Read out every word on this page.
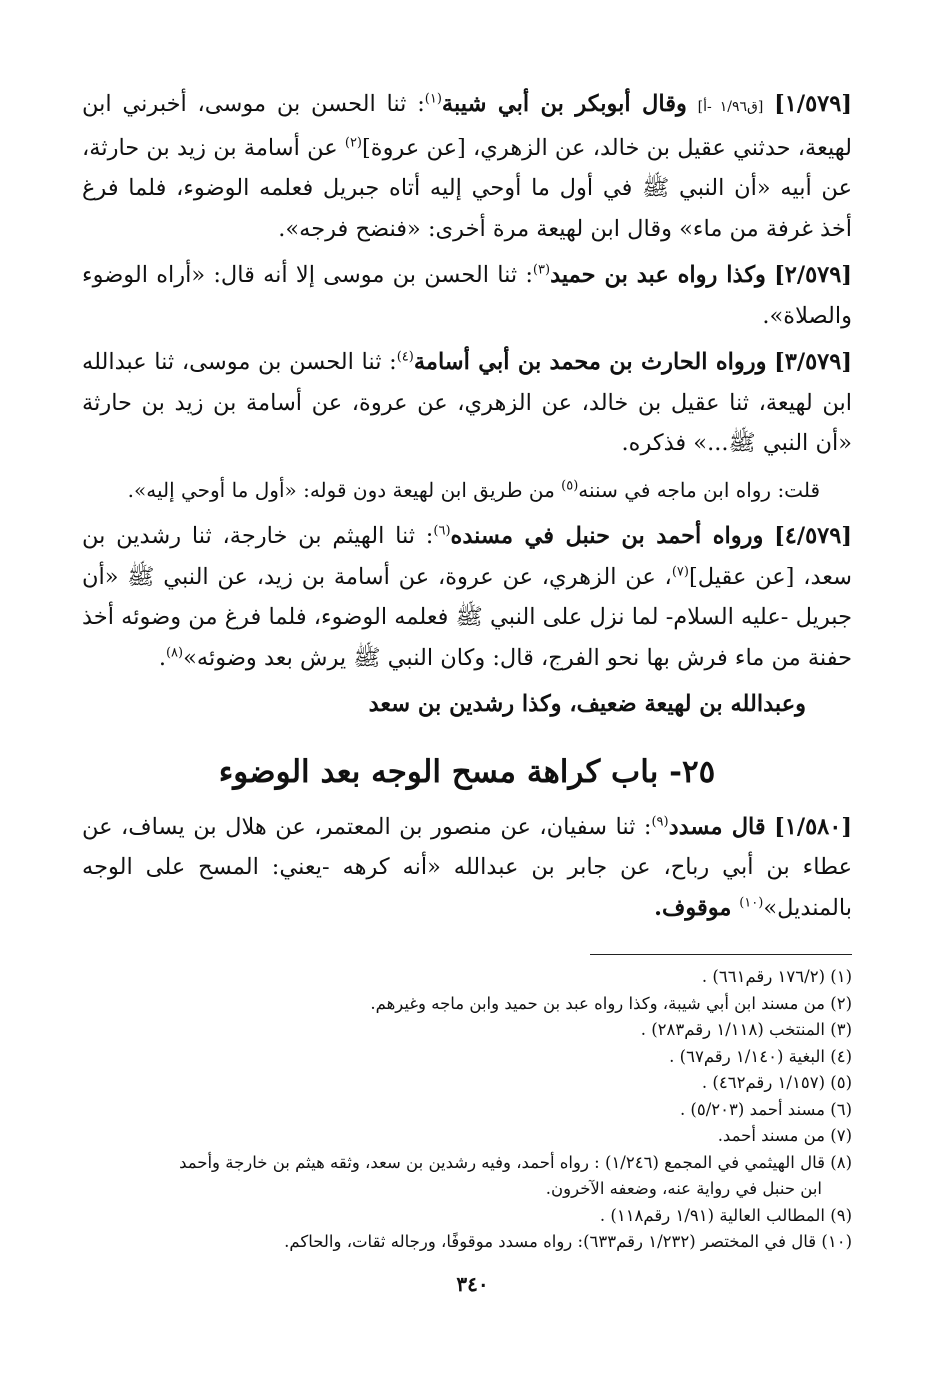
[١/٥٧٩] [ق١/٩٦ -أ] وقال أبوبكر بن أبي شيبة$^{(١)}$: ثنا الحسن بن موسى، أخبرني ابن لهيعة، حدثني عقيل بن خالد، عن الزهري، [عن عروة]$^{(٢)}$ عن أسامة بن زيد بن حارثة، عن أبيه «أن النبي ﷺ في أول ما أوحي إليه أتاه جبريل فعلمه الوضوء، فلما فرغ أخذ غرفة من ماء» وقال ابن لهيعة مرة أخرى: «فنضح فرجه».

[٢/٥٧٩] وكذا رواه عبد بن حميد$^{(٣)}$: ثنا الحسن بن موسى إلا أنه قال: «أراه الوضوء والصلاة».

[٣/٥٧٩] ورواه الحارث بن محمد بن أبي أسامة$^{(٤)}$: ثنا الحسن بن موسى، ثنا عبدالله ابن لهيعة، ثنا عقيل بن خالد، عن الزهري، عن عروة، عن أسامة بن زيد بن حارثة «أن النبي ﷺ...» فذكره.

قلت: رواه ابن ماجه في سننه$^{(٥)}$ من طريق ابن لهيعة دون قوله: «أول ما أوحي إليه».

[٤/٥٧٩] ورواه أحمد بن حنبل في مسنده$^{(٦)}$: ثنا الهيثم بن خارجة، ثنا رشدين بن سعد، [عن عقيل]$^{(٧)}$، عن الزهري، عن عروة، عن أسامة بن زيد، عن النبي ﷺ «أن جبريل -عليه السلام- لما نزل على النبي ﷺ فعلمه الوضوء، فلما فرغ من وضوئه أخذ حفنة من ماء فرش بها نحو الفرج، قال: وكان النبي ﷺ يرش بعد وضوئه»$^{(٨)}$.

وعبدالله بن لهيعة ضعيف، وكذا رشدين بن سعد

٢٥- باب كراهة مسح الوجه بعد الوضوء

[١/٥٨٠] قال مسدد$^{(٩)}$: ثنا سفيان، عن منصور بن المعتمر، عن هلال بن يساف، عن عطاء بن أبي رباح، عن جابر بن عبدالله «أنه كرهه -يعني: المسح على الوجه بالمنديل»$^{(١٠)}$ موقوف.

(١) (١٧٦/٢ رقم٦٦١) .

(٢) من مسند ابن أبي شيبة، وكذا رواه عبد بن حميد وابن ماجه وغيرهم.

(٣) المنتخب (١/١١٨ رقم٢٨٣) .

(٤) البغية (١/١٤٠ رقم٦٧) .

(٥) (١/١٥٧ رقم٤٦٢) .

(٦) مسند أحمد (٥/٢٠٣) .

(٧) من مسند أحمد.

(٨) قال الهيثمي في المجمع (١/٢٤٦) : رواه أحمد، وفيه رشدين بن سعد، وثقه هيثم بن خارجة وأحمد

ابن حنبل في رواية عنه، وضعفه الآخرون.

(٩) المطالب العالية (١/٩١ رقم١١٨) .

(١٠) قال في المختصر (١/٢٣٢ رقم٦٣٣): رواه مسدد موقوفًا، ورجاله ثقات، والحاكم.

٣٤٠
